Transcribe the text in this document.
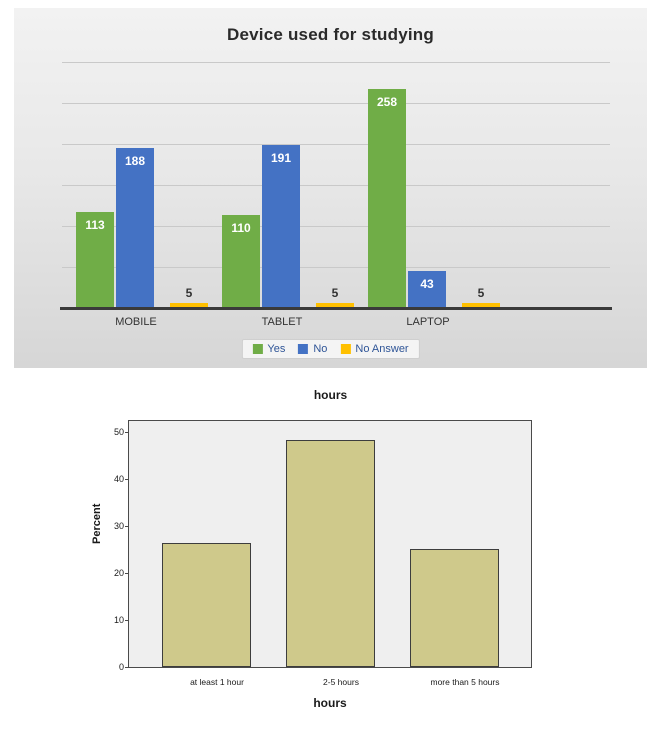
Device used for studying
113
188
5
110
191
5
258
43
5
MOBILE	TABLET	LAPTOP
Yes	No	No Answer
hours
Percent
0
10
20
30
40
50
at least 1 hour	2-5 hours	more than 5 hours
hours
